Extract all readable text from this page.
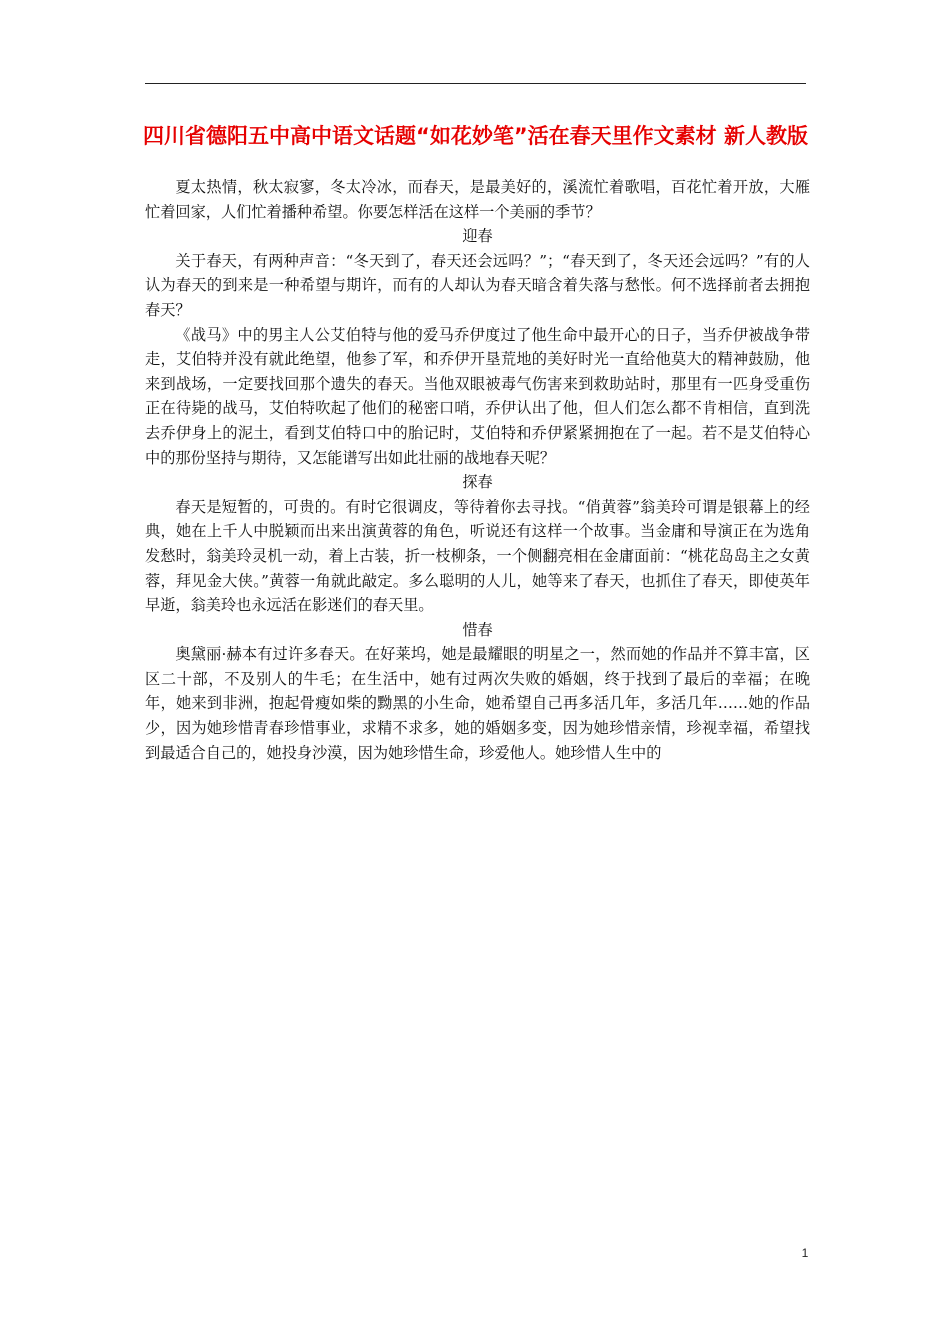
四川省德阳五中高中语文话题“如花妙笔”活在春天里作文素材 新人教版

夏太热情，秋太寂寥，冬太冷冰，而春天，是最美好的，溪流忙着歌唱，百花忙着开放，大雁忙着回家，人们忙着播种希望。你要怎样活在这样一个美丽的季节？

迎春

关于春天，有两种声音：“冬天到了，春天还会远吗？”；“春天到了，冬天还会远吗？”有的人认为春天的到来是一种希望与期许，而有的人却认为春天暗含着失落与愁怅。何不选择前者去拥抱春天？

《战马》中的男主人公艾伯特与他的爱马乔伊度过了他生命中最开心的日子，当乔伊被战争带走，艾伯特并没有就此绝望，他参了军，和乔伊开垦荒地的美好时光一直给他莫大的精神鼓励，他来到战场，一定要找回那个遗失的春天。当他双眼被毒气伤害来到救助站时，那里有一匹身受重伤正在待毙的战马，艾伯特吹起了他们的秘密口哨，乔伊认出了他，但人们怎么都不肯相信，直到洗去乔伊身上的泥土，看到艾伯特口中的胎记时，艾伯特和乔伊紧紧拥抱在了一起。若不是艾伯特心中的那份坚持与期待，又怎能谱写出如此壮丽的战地春天呢？

探春

春天是短暂的，可贵的。有时它很调皮，等待着你去寻找。“俏黄蓉”翁美玲可谓是银幕上的经典，她在上千人中脱颖而出来出演黄蓉的角色，听说还有这样一个故事。当金庸和导演正在为选角发愁时，翁美玲灵机一动，着上古装，折一枝柳条，一个侧翻亮相在金庸面前：“桃花岛岛主之女黄蓉，拜见金大侠。”黄蓉一角就此敲定。多么聪明的人儿，她等来了春天，也抓住了春天，即使英年早逝，翁美玲也永远活在影迷们的春天里。

惜春

奥黛丽·赫本有过许多春天。在好莱坞，她是最耀眼的明星之一，然而她的作品并不算丰富，区区二十部，不及别人的牛毛；在生活中，她有过两次失败的婚姻，终于找到了最后的幸福；在晚年，她来到非洲，抱起骨瘦如柴的黝黑的小生命，她希望自己再多活几年，多活几年……她的作品少，因为她珍惜青春珍惜事业，求精不求多，她的婚姻多变，因为她珍惜亲情，珍视幸福，希望找到最适合自己的，她投身沙漠，因为她珍惜生命，珍爱他人。她珍惜人生中的

1
